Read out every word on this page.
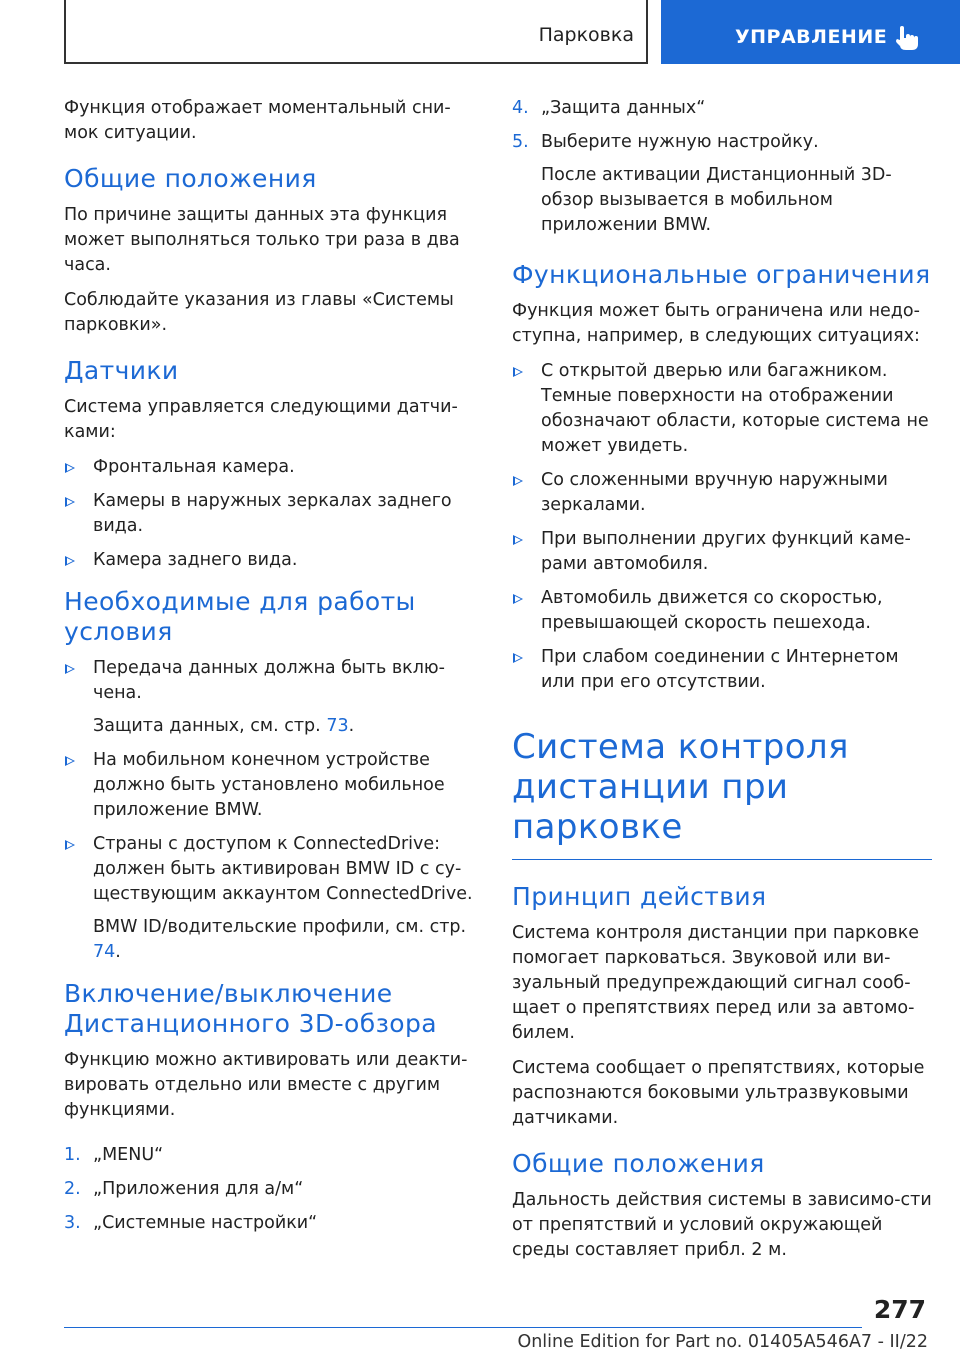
Парковка	УПРАВЛЕНИЕ

Функция отображает моментальный сни-мок ситуации.

Общие положения

По причине защиты данных эта функция может выполняться только три раза в два часа.

Соблюдайте указания из главы «Системы парковки».

Датчики

Система управляется следующими датчи-ками:

Фронтальная камера.
Камеры в наружных зеркалах заднего вида.
Камера заднего вида.
Необходимые для работы условия
Передача данных должна быть вклю-чена.
Защита данных, см. стр. 73.
На мобильном конечном устройстве должно быть установлено мобильное приложение BMW.
Страны с доступом к ConnectedDrive: должен быть активирован BMW ID с су-ществующим аккаунтом ConnectedDrive.
BMW ID/водительские профили, см. стр. 74.
Включение/выключение Дистанционного 3D-обзора

Функцию можно активировать или деакти-вировать отдельно или вместе с другим функциями.

1. „MENU“
2. „Приложения для а/м“
3. „Системные настройки“
4. „Защита данных“
5. Выберите нужную настройку.
После активации Дистанционный 3D-обзор вызывается в мобильном приложении BMW.
Функциональные ограничения

Функция может быть ограничена или недо-ступна, например, в следующих ситуациях:

С открытой дверью или багажником. Темные поверхности на отображении обозначают области, которые система не может увидеть.
Со сложенными вручную наружными зеркалами.
При выполнении других функций каме-рами автомобиля.
Автомобиль движется со скоростью, превышающей скорость пешехода.
При слабом соединении с Интернетом или при его отсутствии.
Система контроля дистанции при парковке
Принцип действия

Система контроля дистанции при парковке помогает парковаться. Звуковой или ви-зуальный предупреждающий сигнал сооб-щает о препятствиях перед или за автомо-билем.

Система сообщает о препятствиях, которые распознаются боковыми ультразвуковыми датчиками.

Общие положения

Дальность действия системы в зависимо-сти от препятствий и условий окружающей среды составляет прибл. 2 м.

277
Online Edition for Part no. 01405A546A7 - II/22
